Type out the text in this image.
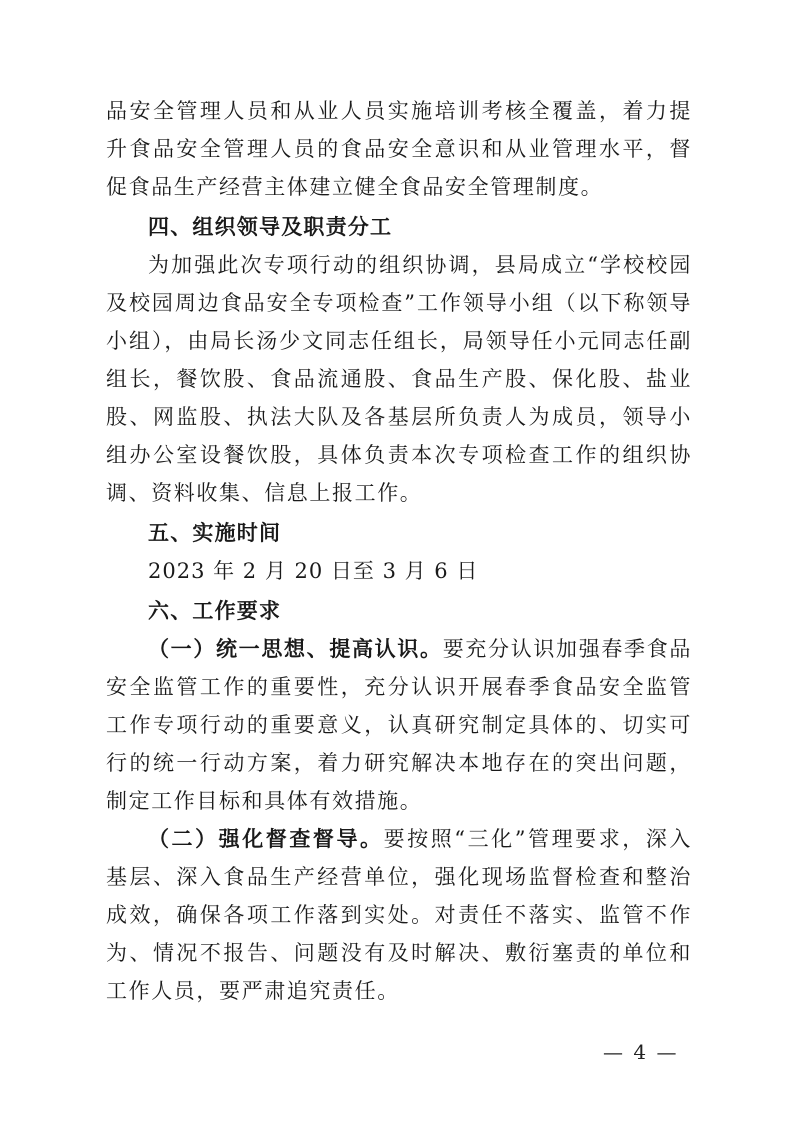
品安全管理人员和从业人员实施培训考核全覆盖，着力提升食品安全管理人员的食品安全意识和从业管理水平，督促食品生产经营主体建立健全食品安全管理制度。

四、组织领导及职责分工

为加强此次专项行动的组织协调，县局成立“学校校园及校园周边食品安全专项检查”工作领导小组（以下称领导小组），由局长汤少文同志任组长，局领导任小元同志任副组长，餐饮股、食品流通股、食品生产股、保化股、盐业股、网监股、执法大队及各基层所负责人为成员，领导小组办公室设餐饮股，具体负责本次专项检查工作的组织协调、资料收集、信息上报工作。

五、实施时间

2023 年 2 月 20 日至 3 月 6 日

六、工作要求

（一）统一思想、提高认识。要充分认识加强春季食品安全监管工作的重要性，充分认识开展春季食品安全监管工作专项行动的重要意义，认真研究制定具体的、切实可行的统一行动方案，着力研究解决本地存在的突出问题，制定工作目标和具体有效措施。

（二）强化督查督导。要按照“三化”管理要求，深入基层、深入食品生产经营单位，强化现场监督检查和整治成效，确保各项工作落到实处。对责任不落实、监管不作为、情况不报告、问题没有及时解决、敷衍塞责的单位和工作人员，要严肃追究责任。

— 4 —
